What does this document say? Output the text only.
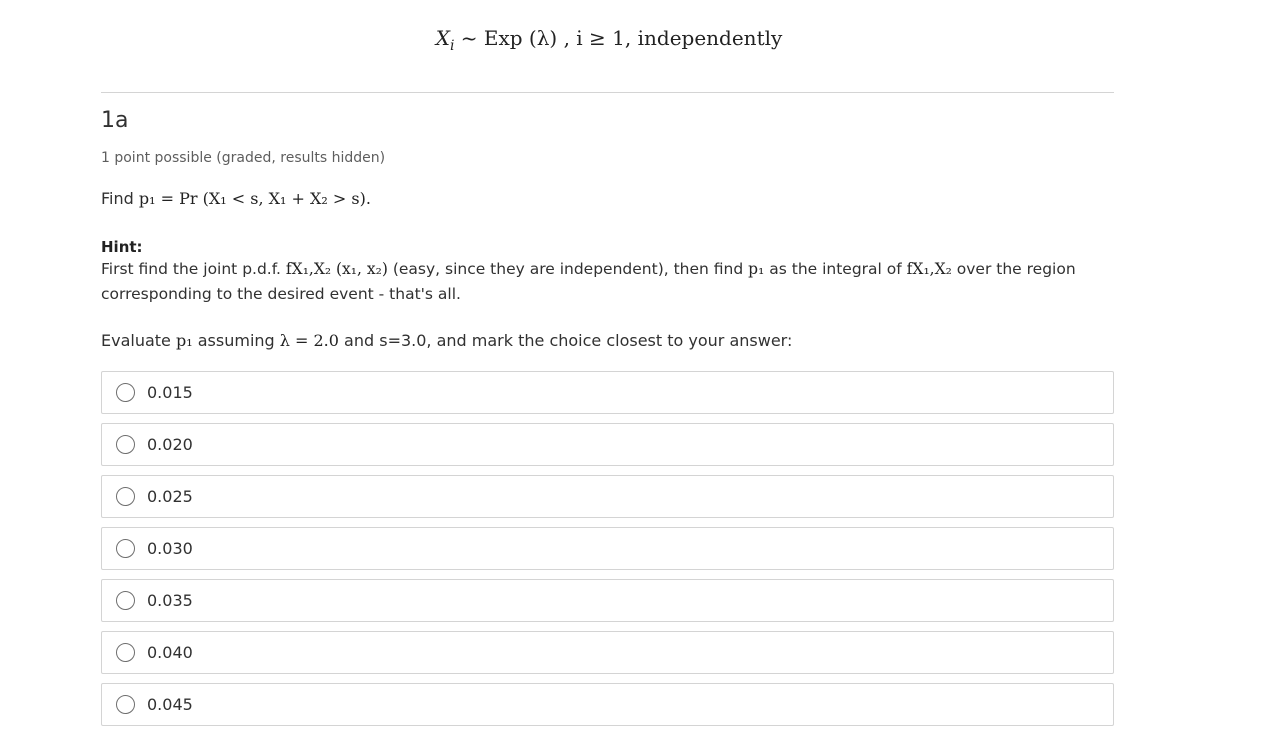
$X_i$ ~ Exp (λ) , i ≥ 1, independently
1a
1 point possible (graded, results hidden)
Find p₁ = Pr (X₁ < s, X₁ + X₂ > s).
Hint:
First find the joint p.d.f. fX₁,X₂ (x₁, x₂) (easy, since they are independent), then find p₁ as the integral of fX₁,X₂ over the region corresponding to the desired event - that's all.
Evaluate p₁ assuming λ = 2.0 and s=3.0, and mark the choice closest to your answer:
0.015
0.020
0.025
0.030
0.035
0.040
0.045
